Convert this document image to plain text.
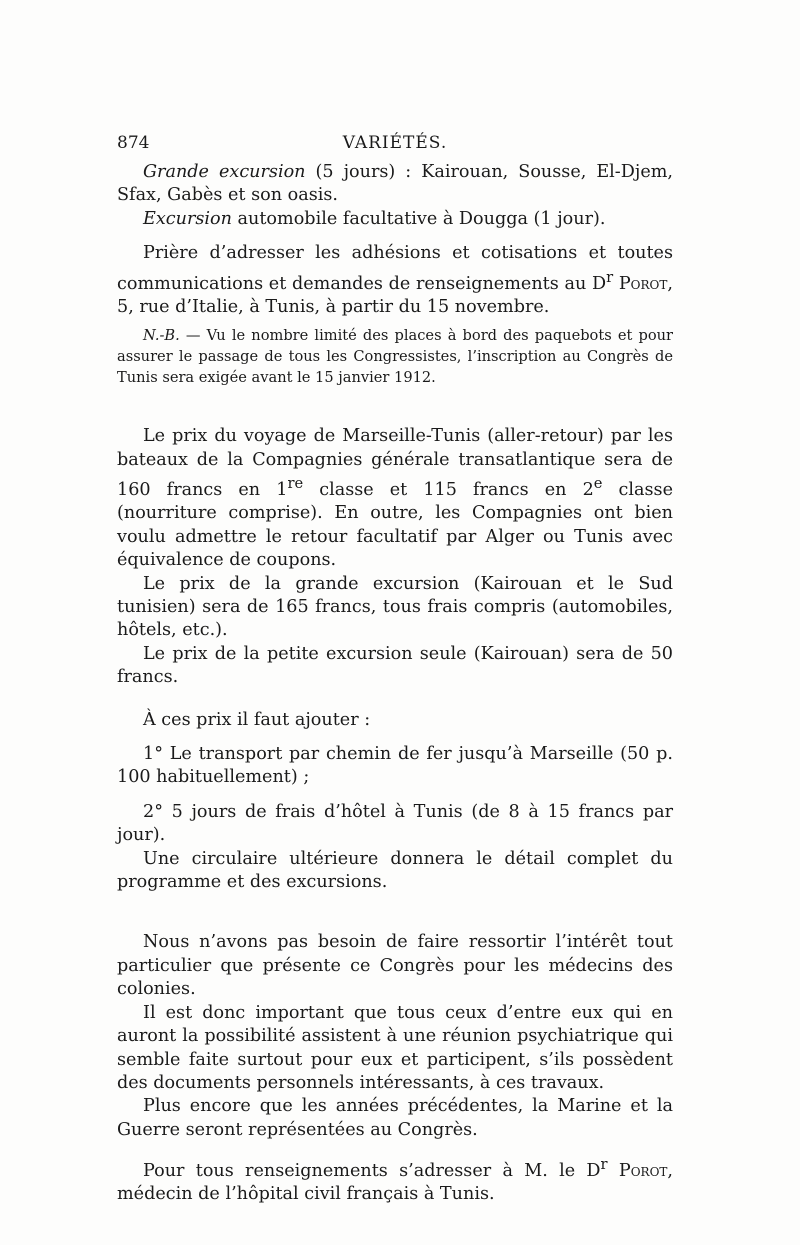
874	VARIÉTÉS.

Grande excursion (5 jours) : Kairouan, Sousse, El-Djem, Sfax, Gabès et son oasis.

Excursion automobile facultative à Dougga (1 jour).

Prière d’adresser les adhésions et cotisations et toutes communications et demandes de renseignements au $D^r$ Porot, 5, rue d’Italie, à Tunis, à partir du 15 novembre.

N.-B. — Vu le nombre limité des places à bord des paquebots et pour assurer le passage de tous les Congressistes, l’inscription au Congrès de Tunis sera exigée avant le 15 janvier 1912.

Le prix du voyage de Marseille-Tunis (aller-retour) par les bateaux de la Compagnies générale transatlantique sera de 160 francs en 1re classe et 115 francs en 2e classe (nourriture comprise). En outre, les Compagnies ont bien voulu admettre le retour facultatif par Alger ou Tunis avec équivalence de coupons.

Le prix de la grande excursion (Kairouan et le Sud tunisien) sera de 165 francs, tous frais compris (automobiles, hôtels, etc.).

Le prix de la petite excursion seule (Kairouan) sera de 50 francs.

À ces prix il faut ajouter :

1° Le transport par chemin de fer jusqu’à Marseille (50 p. 100 habituellement) ;

2° 5 jours de frais d’hôtel à Tunis (de 8 à 15 francs par jour).

Une circulaire ultérieure donnera le détail complet du programme et des excursions.

Nous n’avons pas besoin de faire ressortir l’intérêt tout particulier que présente ce Congrès pour les médecins des colonies.

Il est donc important que tous ceux d’entre eux qui en auront la possibilité assistent à une réunion psychiatrique qui semble faite surtout pour eux et participent, s’ils possèdent des documents personnels intéressants, à ces travaux.

Plus encore que les années précédentes, la Marine et la Guerre seront représentées au Congrès.

Pour tous renseignements s’adresser à M. le $D^r$ Porot, médecin de l’hôpital civil français à Tunis.
